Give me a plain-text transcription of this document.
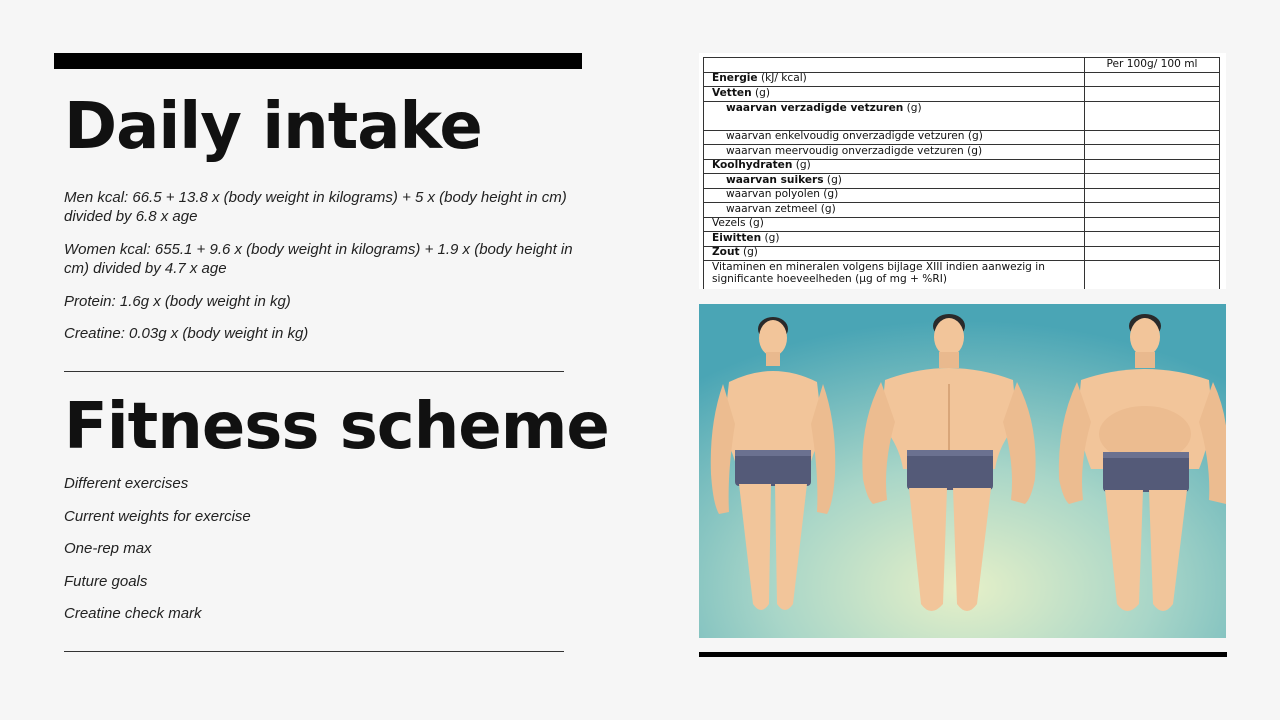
Daily intake

Men kcal: 66.5 + 13.8 x (body weight in kilograms) + 5 x (body height in cm) divided by 6.8 x age

Women kcal: 655.1 + 9.6 x (body weight in kilograms) + 1.9 x (body height in cm) divided by 4.7 x age

Protein: 1.6g x (body weight in kg)

Creatine: 0.03g x (body weight in kg)

Fitness scheme

Different exercises

Current weights for exercise

One-rep max

Future goals

Creatine check mark

	Per 100g/ 100 ml
Energie (kJ/ kcal)	
Vetten (g)	
waarvan verzadigde vetzuren (g)	
waarvan enkelvoudig onverzadigde vetzuren (g)	
waarvan meervoudig onverzadigde vetzuren (g)	
Koolhydraten (g)	
waarvan suikers (g)	
waarvan polyolen (g)	
waarvan zetmeel (g)	
Vezels (g)	
Eiwitten (g)	
Zout (g)	
Vitaminen en mineralen volgens bijlage XIII indien aanwezig in significante hoeveelheden (µg of mg + %RI)	
